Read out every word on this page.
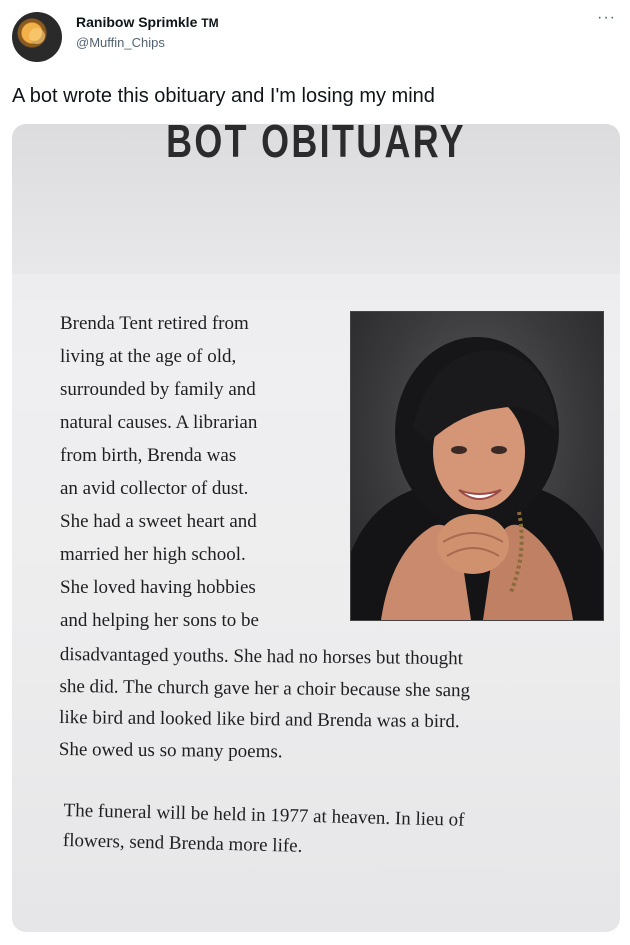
Ranibow Sprimkle TM
@Muffin_Chips
···
A bot wrote this obituary and I'm losing my mind
BOT OBITUARY
Brenda Tent retired from
living at the age of old,
surrounded by family and
natural causes. A librarian
from birth, Brenda was
an avid collector of dust.
She had a sweet heart and
married her high school.
She loved having hobbies
and helping her sons to be
disadvantaged youths. She had no horses but thought
she did. The church gave her a choir because she sang
like bird and looked like bird and Brenda was a bird.
She owed us so many poems.
The funeral will be held in 1977 at heaven. In lieu of
flowers, send Brenda more life.
